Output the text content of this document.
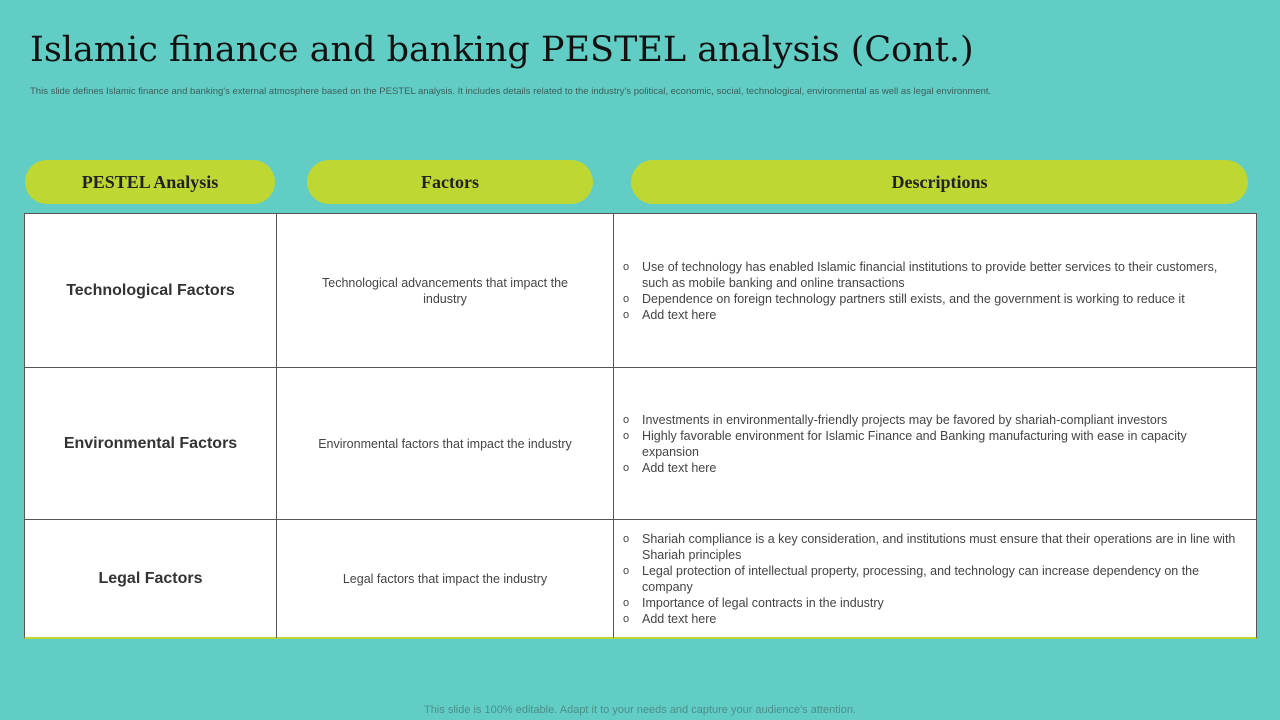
Islamic finance and banking PESTEL analysis (Cont.)
This slide defines Islamic finance and banking's external atmosphere based on the PESTEL analysis. It includes details related to the industry's political, economic, social, technological, environmental as well as legal environment.
PESTEL Analysis	Factors	Descriptions
Technological Factors	Technological advancements that impact the industry
o Use of technology has enabled Islamic financial institutions to provide better services to their customers, such as mobile banking and online transactions
o Dependence on foreign technology partners still exists, and the government is working to reduce it
o Add text here
Environmental Factors	Environmental factors that impact the industry
o Investments in environmentally-friendly projects may be favored by shariah-compliant investors
o Highly favorable environment for Islamic Finance and Banking manufacturing with ease in capacity expansion
o Add text here
Legal Factors	Legal factors that impact the industry
o Shariah compliance is a key consideration, and institutions must ensure that their operations are in line with Shariah principles
o Legal protection of intellectual property, processing, and technology can increase dependency on the company
o Importance of legal contracts in the industry
o Add text here
This slide is 100% editable. Adapt it to your needs and capture your audience's attention.
